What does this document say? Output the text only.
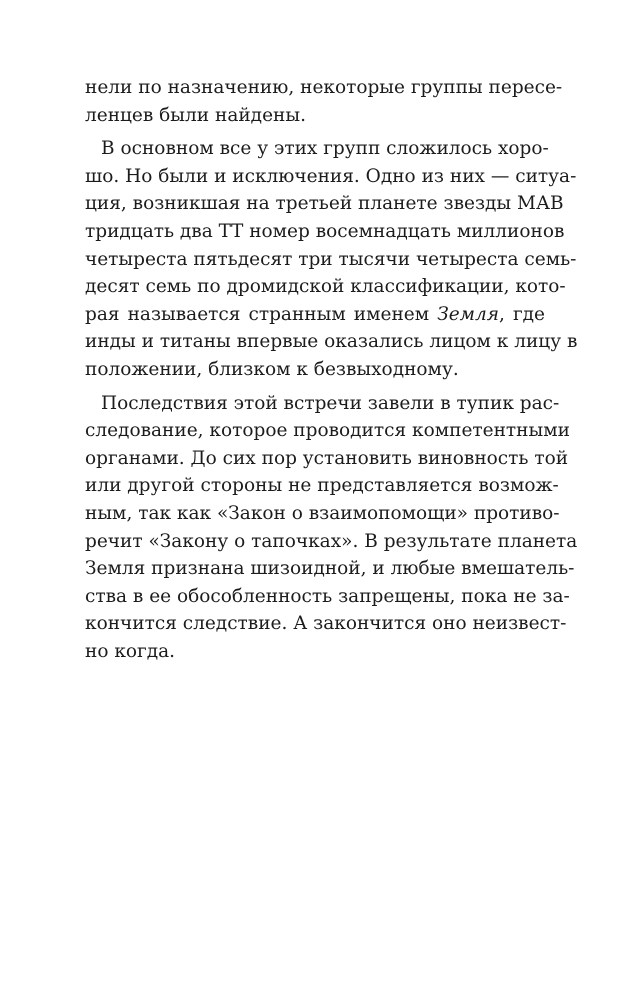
нели по назначению, некоторые группы пересе-
ленцев были найдены.
В основном все у этих групп сложилось хоро-
шо. Но были и исключения. Одно из них — ситуа-
ция, возникшая на третьей планете звезды МАВ
тридцать два ТТ номер восемнадцать миллионов
четыреста пятьдесят три тысячи четыреста семь-
десят семь по дромидской классификации, кото-
рая называется странным именем Земля, где
инды и титаны впервые оказались лицом к лицу в
положении, близком к безвыходному.
Последствия этой встречи завели в тупик рас-
следование, которое проводится компетентными
органами. До сих пор установить виновность той
или другой стороны не представляется возмож-
ным, так как «Закон о взаимопомощи» противо-
речит «Закону о тапочках». В результате планета
Земля признана шизоидной, и любые вмешатель-
ства в ее обособленность запрещены, пока не за-
кончится следствие. А закончится оно неизвест-
но когда.
